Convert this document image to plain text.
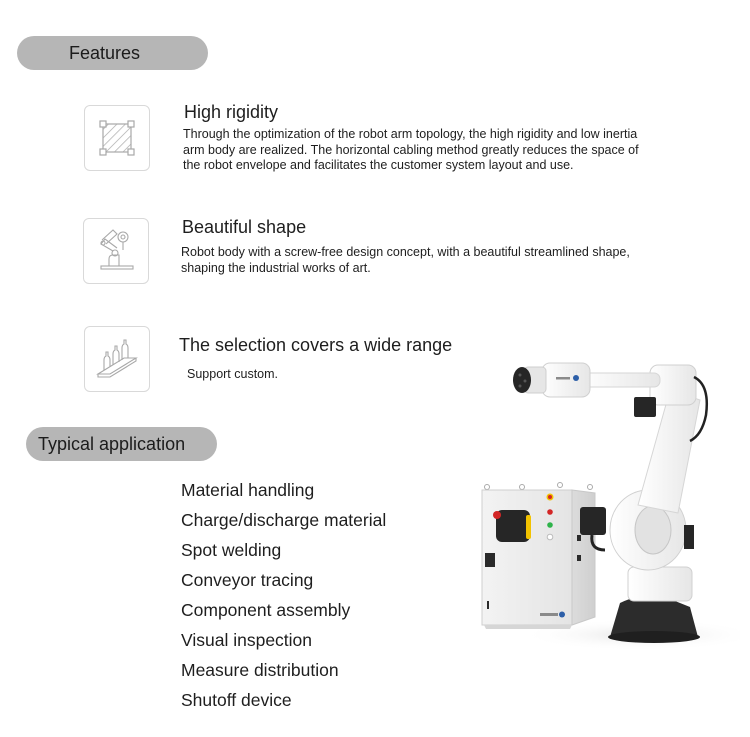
Features
High rigidity
Through the optimization of the robot arm topology, the high rigidity and low inertia arm body are realized. The horizontal cabling method greatly reduces the space of the robot envelope and facilitates the customer system layout and use.
Beautiful shape
Robot body with a screw-free design concept, with a beautiful streamlined shape, shaping the industrial works of art.
The selection covers a wide range
Support custom.
Typical application
Material handling
Charge/discharge material
Spot welding
Conveyor tracing
Component assembly
Visual inspection
Measure distribution
Shutoff device
